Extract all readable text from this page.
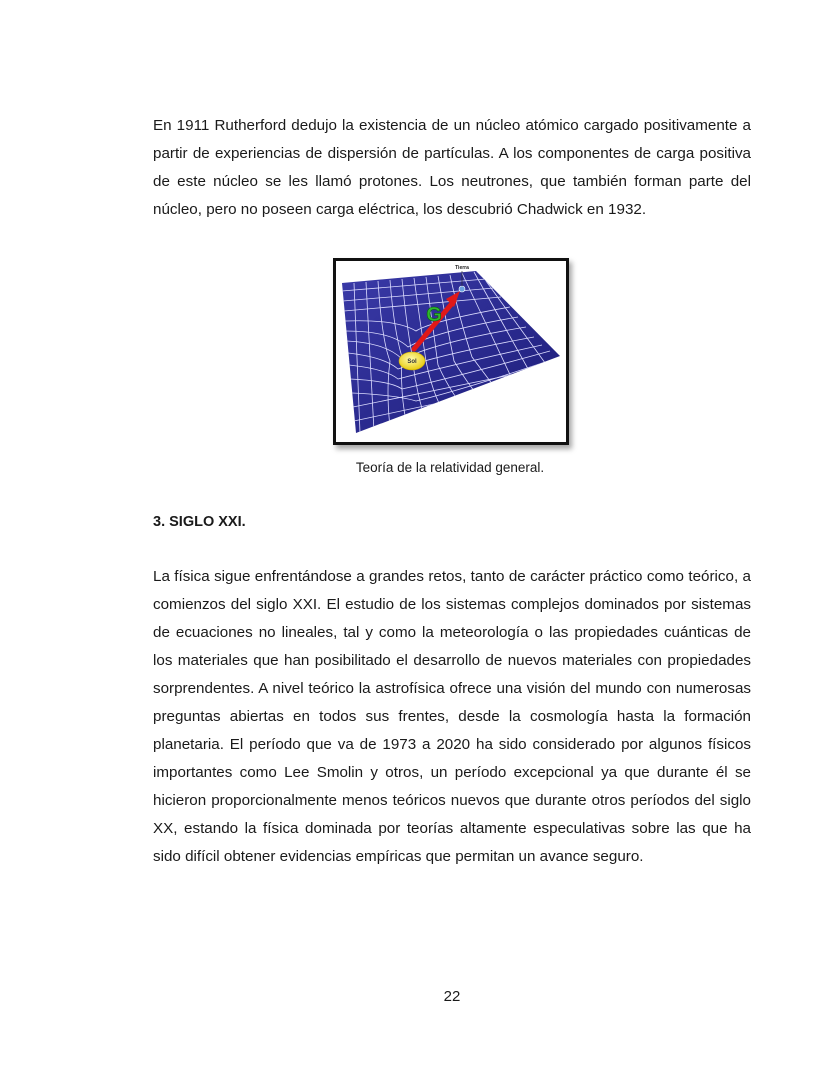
En 1911 Rutherford dedujo la existencia de un núcleo atómico cargado positivamente a partir de experiencias de dispersión de partículas. A los componentes de carga positiva de este núcleo se les llamó protones. Los neutrones, que también forman parte del núcleo, pero no poseen carga eléctrica, los descubrió Chadwick en 1932.

Sol
G
Tierra
Teoría de la relatividad general.
3. SIGLO XXI.

La física sigue enfrentándose a grandes retos, tanto de carácter práctico como teórico, a comienzos del siglo XXI. El estudio de los sistemas complejos dominados por sistemas de ecuaciones no lineales, tal y como la meteorología o las propiedades cuánticas de los materiales que han posibilitado el desarrollo de nuevos materiales con propiedades sorprendentes. A nivel teórico la astrofísica ofrece una visión del mundo con numerosas preguntas abiertas en todos sus frentes, desde la cosmología hasta la formación planetaria. El período que va de 1973 a 2020 ha sido considerado por algunos físicos importantes como Lee Smolin y otros, un período excepcional ya que durante él se hicieron proporcionalmente menos teóricos nuevos que durante otros períodos del siglo XX, estando la física dominada por teorías altamente especulativas sobre las que ha sido difícil obtener evidencias empíricas que permitan un avance seguro.

22
